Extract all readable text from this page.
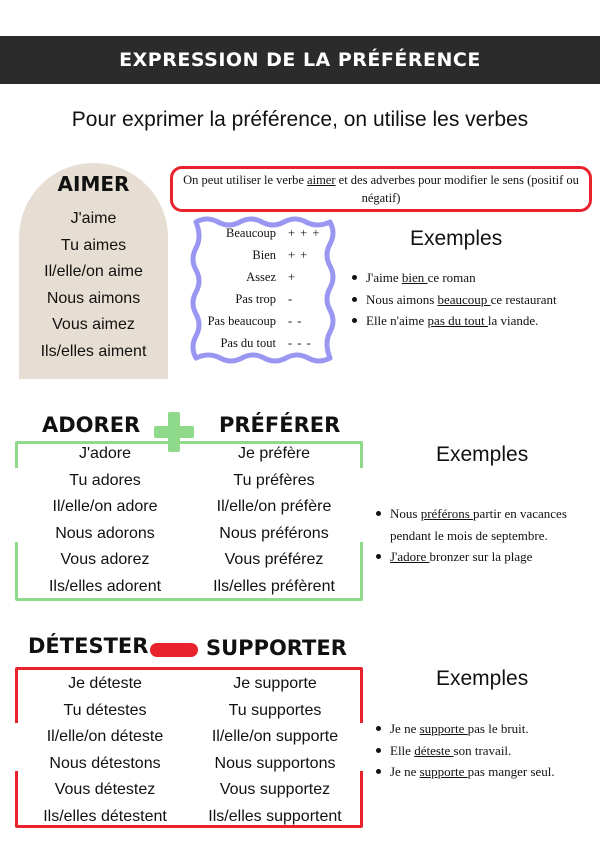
EXPRESSION DE LA PRÉFÉRENCE
Pour exprimer la préférence, on utilise les verbes
AIMER
J'aime
Tu aimes
Il/elle/on aime
Nous aimons
Vous aimez
Ils/elles aiment
On peut utiliser le verbe aimer et des adverbes pour modifier le sens (positif ou négatif)
Beaucoup + + +
Bien + +
Assez +
Pas trop -
Pas beaucoup - -
Pas du tout - - -
Exemples
J'aime bien ce roman
Nous aimons beaucoup ce restaurant
Elle n'aime pas du tout la viande.
ADORER	PRÉFÉRER
J'adore
Tu adores
Il/elle/on adore
Nous adorons
Vous adorez
Ils/elles adorent
Je préfère
Tu préfères
Il/elle/on préfère
Nous préférons
Vous préférez
Ils/elles préfèrent
Exemples
Nous préférons partir en vacances pendant le mois de septembre.
J'adore bronzer sur la plage
DÉTESTER	SUPPORTER
Je déteste
Tu détestes
Il/elle/on déteste
Nous détestons
Vous détestez
Ils/elles détestent
Je supporte
Tu supportes
Il/elle/on supporte
Nous supportons
Vous supportez
Ils/elles supportent
Exemples
Je ne supporte pas le bruit.
Elle déteste son travail.
Je ne supporte pas manger seul.
